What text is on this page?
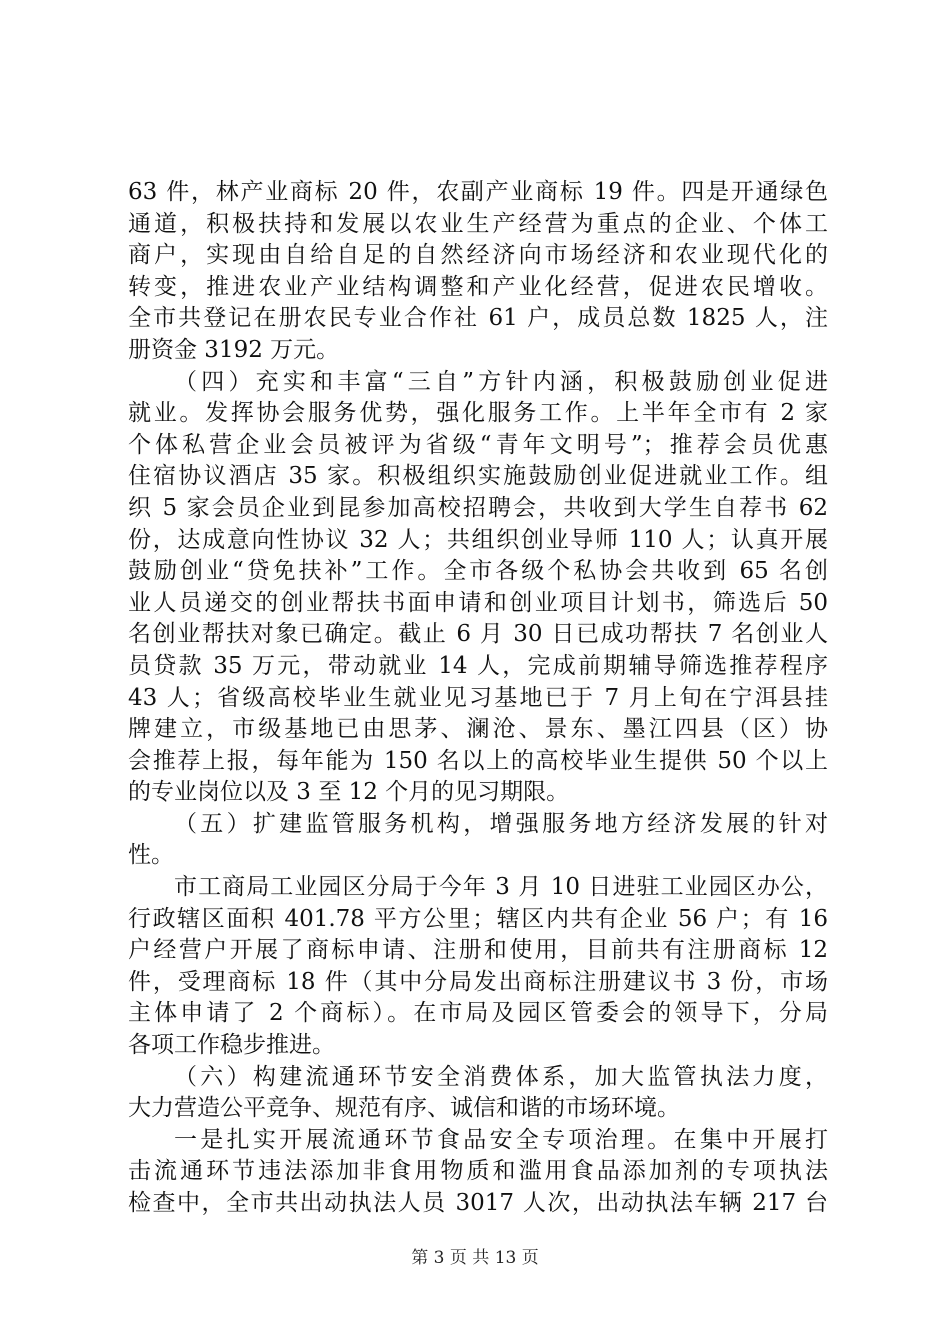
63 件，林产业商标 20 件，农副产业商标 19 件。四是开通绿色
通道，积极扶持和发展以农业生产经营为重点的企业、个体工
商户，实现由自给自足的自然经济向市场经济和农业现代化的
转变，推进农业产业结构调整和产业化经营，促进农民增收。
全市共登记在册农民专业合作社 61 户，成员总数 1825 人，注
册资金 3192 万元。
（四）充实和丰富“三自”方针内涵，积极鼓励创业促进
就业。发挥协会服务优势，强化服务工作。上半年全市有 2 家
个体私营企业会员被评为省级“青年文明号”；推荐会员优惠
住宿协议酒店 35 家。积极组织实施鼓励创业促进就业工作。组
织 5 家会员企业到昆参加高校招聘会，共收到大学生自荐书 62
份，达成意向性协议 32 人；共组织创业导师 110 人；认真开展
鼓励创业“贷免扶补”工作。全市各级个私协会共收到 65 名创
业人员递交的创业帮扶书面申请和创业项目计划书，筛选后 50
名创业帮扶对象已确定。截止 6 月 30 日已成功帮扶 7 名创业人
员贷款 35 万元，带动就业 14 人，完成前期辅导筛选推荐程序
43 人；省级高校毕业生就业见习基地已于 7 月上旬在宁洱县挂
牌建立，市级基地已由思茅、澜沧、景东、墨江四县（区）协
会推荐上报，每年能为 150 名以上的高校毕业生提供 50 个以上
的专业岗位以及 3 至 12 个月的见习期限。
（五）扩建监管服务机构，增强服务地方经济发展的针对
性。
市工商局工业园区分局于今年 3 月 10 日进驻工业园区办公，
行政辖区面积 401.78 平方公里；辖区内共有企业 56 户；有 16
户经营户开展了商标申请、注册和使用，目前共有注册商标 12
件，受理商标 18 件（其中分局发出商标注册建议书 3 份，市场
主体申请了 2 个商标）。在市局及园区管委会的领导下，分局
各项工作稳步推进。
（六）构建流通环节安全消费体系，加大监管执法力度，
大力营造公平竞争、规范有序、诚信和谐的市场环境。
一是扎实开展流通环节食品安全专项治理。在集中开展打
击流通环节违法添加非食用物质和滥用食品添加剂的专项执法
检查中，全市共出动执法人员 3017 人次，出动执法车辆 217 台
第 3 页 共 13 页
